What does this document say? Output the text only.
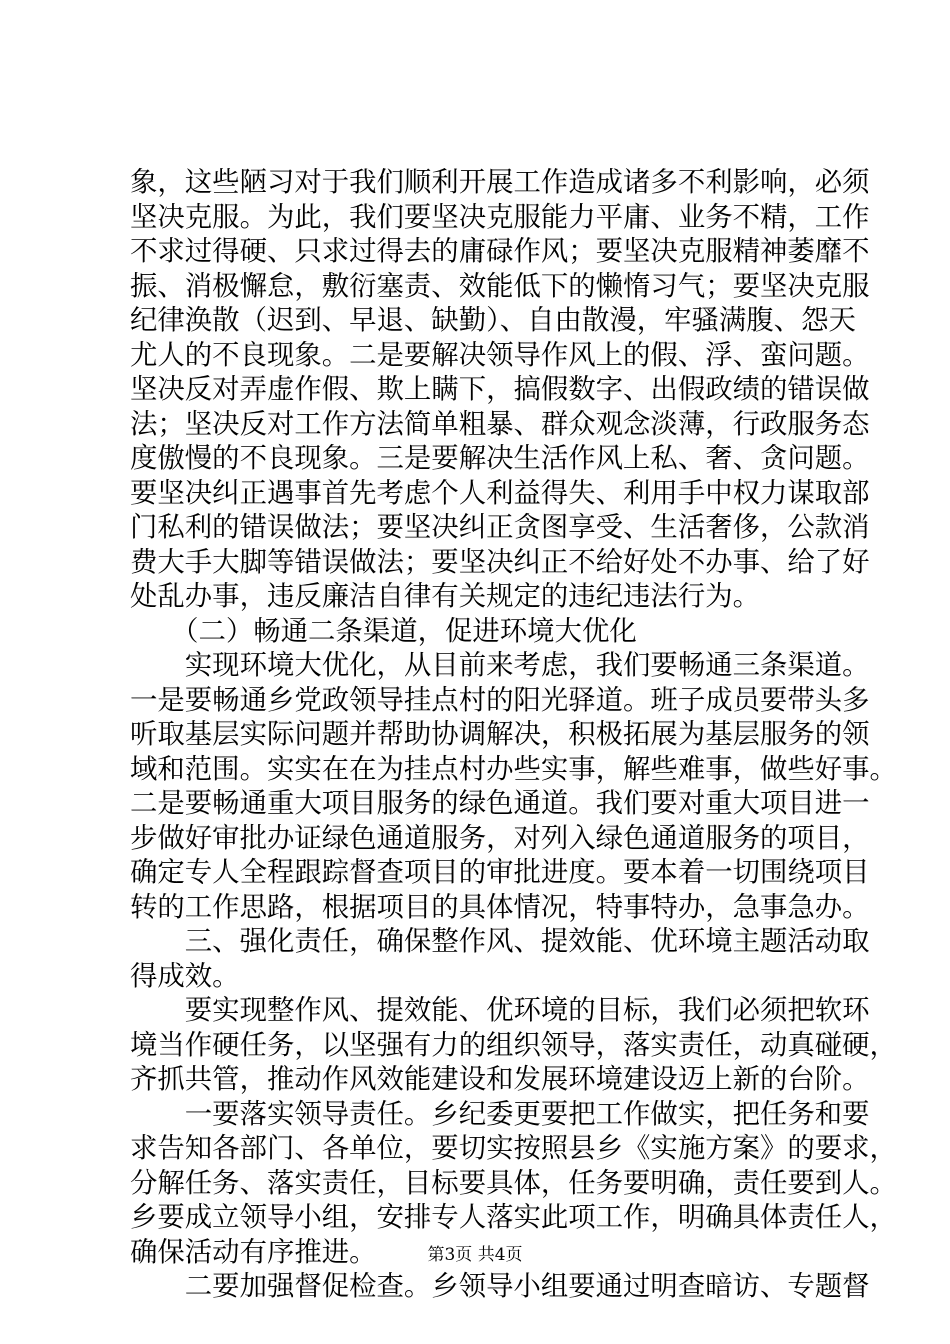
象，这些陋习对于我们顺利开展工作造成诸多不利影响，必须
坚决克服。为此，我们要坚决克服能力平庸、业务不精，工作
不求过得硬、只求过得去的庸碌作风；要坚决克服精神萎靡不
振、消极懈怠，敷衍塞责、效能低下的懒惰习气；要坚决克服
纪律涣散（迟到、早退、缺勤）、自由散漫，牢骚满腹、怨天
尤人的不良现象。二是要解决领导作风上的假、浮、蛮问题。
坚决反对弄虚作假、欺上瞒下，搞假数字、出假政绩的错误做
法；坚决反对工作方法简单粗暴、群众观念淡薄，行政服务态
度傲慢的不良现象。三是要解决生活作风上私、奢、贪问题。
要坚决纠正遇事首先考虑个人利益得失、利用手中权力谋取部
门私利的错误做法；要坚决纠正贪图享受、生活奢侈，公款消
费大手大脚等错误做法；要坚决纠正不给好处不办事、给了好
处乱办事，违反廉洁自律有关规定的违纪违法行为。
　　（二）畅通二条渠道，促进环境大优化
　　实现环境大优化，从目前来考虑，我们要畅通三条渠道。
一是要畅通乡党政领导挂点村的阳光驿道。班子成员要带头多
听取基层实际问题并帮助协调解决，积极拓展为基层服务的领
域和范围。实实在在为挂点村办些实事，解些难事，做些好事。
二是要畅通重大项目服务的绿色通道。我们要对重大项目进一
步做好审批办证绿色通道服务，对列入绿色通道服务的项目，
确定专人全程跟踪督查项目的审批进度。要本着一切围绕项目
转的工作思路，根据项目的具体情况，特事特办，急事急办。
　　三、强化责任，确保整作风、提效能、优环境主题活动取
得成效。
　　要实现整作风、提效能、优环境的目标，我们必须把软环
境当作硬任务，以坚强有力的组织领导，落实责任，动真碰硬，
齐抓共管，推动作风效能建设和发展环境建设迈上新的台阶。
　　一要落实领导责任。乡纪委更要把工作做实，把任务和要
求告知各部门、各单位，要切实按照县乡《实施方案》的要求，
分解任务、落实责任，目标要具体，任务要明确，责任要到人。
乡要成立领导小组，安排专人落实此项工作，明确具体责任人，
确保活动有序推进。
　　二要加强督促检查。乡领导小组要通过明查暗访、专题督
第3页 共4页
